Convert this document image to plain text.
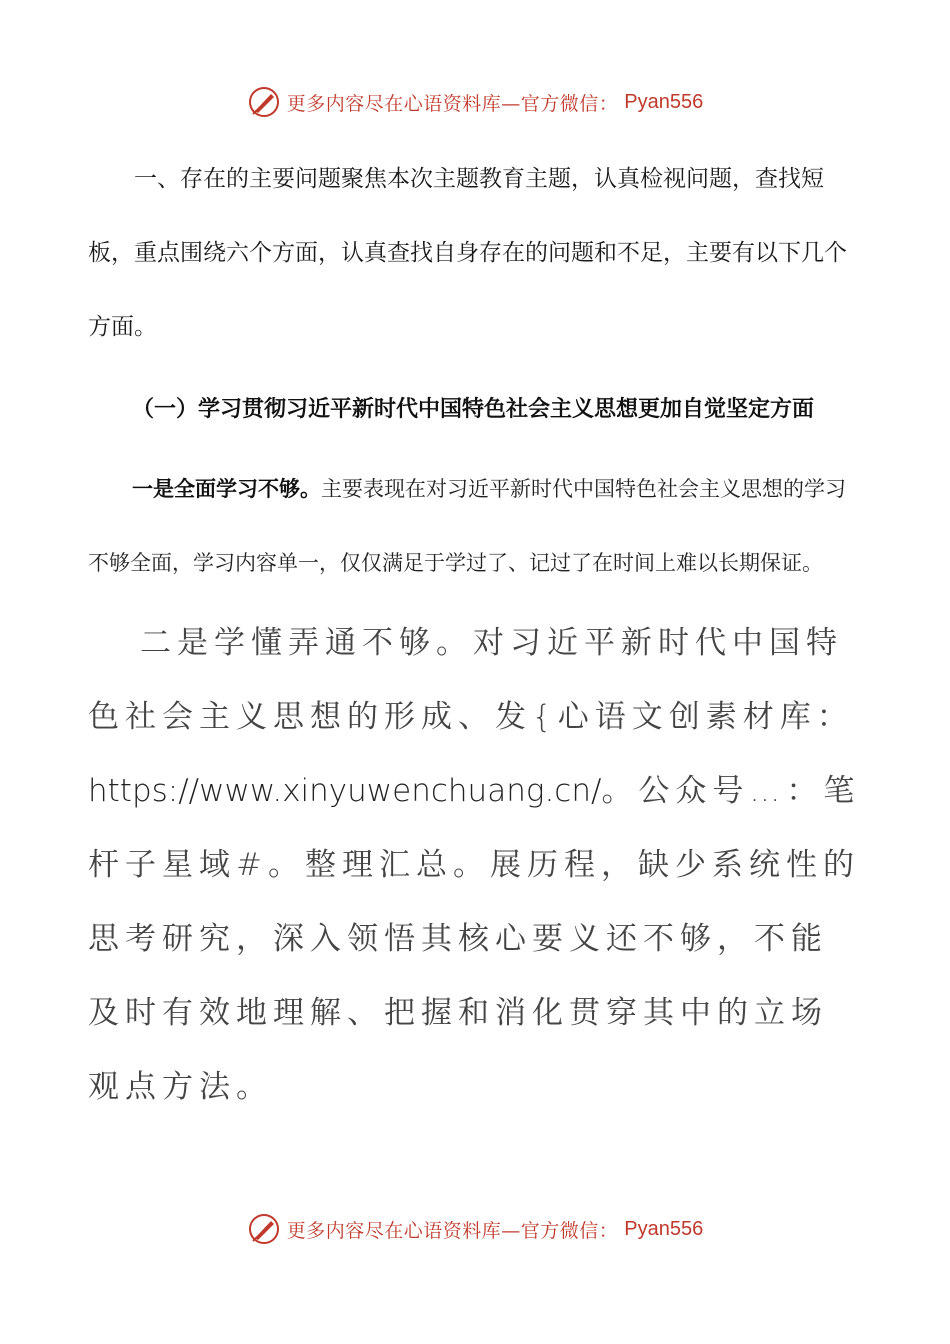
更多内容尽在心语资料库—官方微信： Pyan556

一、存在的主要问题聚焦本次主题教育主题，认真检视问题，查找短板，重点围绕六个方面，认真查找自身存在的问题和不足，主要有以下几个方面。

（一）学习贯彻习近平新时代中国特色社会主义思想更加自觉坚定方面

一是全面学习不够。主要表现在对习近平新时代中国特色社会主义思想的学习不够全面，学习内容单一，仅仅满足于学过了、记过了在时间上难以长期保证。

二是学懂弄通不够。对习近平新时代中国特色社会主义思想的形成、发{心语文创素材库：https://www.xinyuwenchuang.cn/。公众号…：笔杆子星域#。整理汇总。展历程，缺少系统性的思考研究，深入领悟其核心要义还不够，不能及时有效地理解、把握和消化贯穿其中的立场观点方法。

更多内容尽在心语资料库—官方微信： Pyan556
